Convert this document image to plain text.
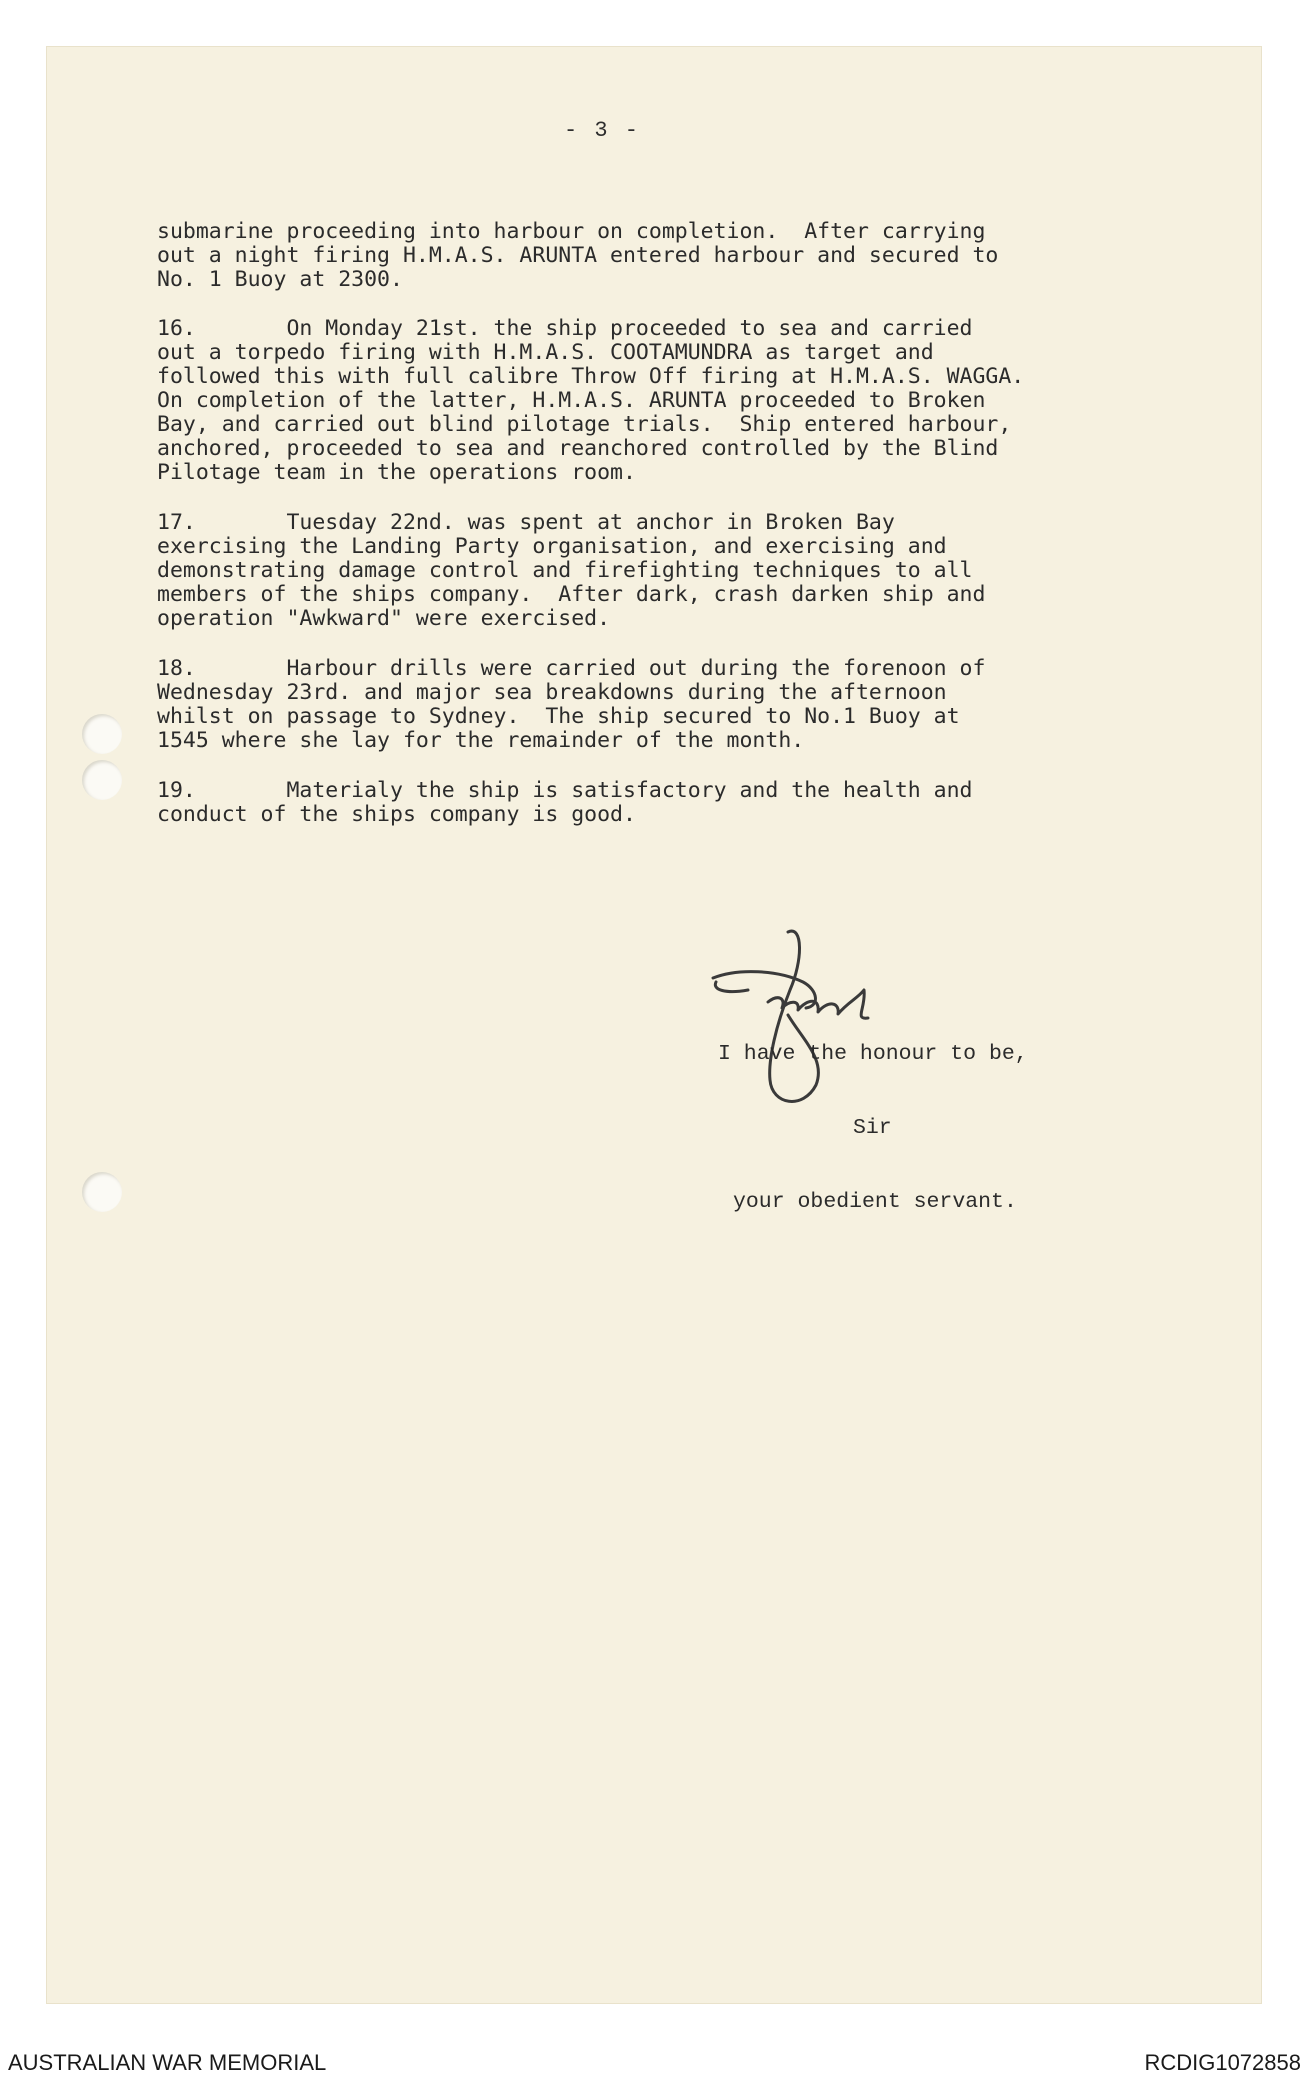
- 3 -
submarine proceeding into harbour on completion.  After carrying
out a night firing H.M.A.S. ARUNTA entered harbour and secured to
No. 1 Buoy at 2300.
16.       On Monday 21st. the ship proceeded to sea and carried
out a torpedo firing with H.M.A.S. COOTAMUNDRA as target and
followed this with full calibre Throw Off firing at H.M.A.S. WAGGA.
On completion of the latter, H.M.A.S. ARUNTA proceeded to Broken
Bay, and carried out blind pilotage trials.  Ship entered harbour,
anchored, proceeded to sea and reanchored controlled by the Blind
Pilotage team in the operations room.
17.       Tuesday 22nd. was spent at anchor in Broken Bay
exercising the Landing Party organisation, and exercising and
demonstrating damage control and firefighting techniques to all
members of the ships company.  After dark, crash darken ship and
operation "Awkward" were exercised.
18.       Harbour drills were carried out during the forenoon of
Wednesday 23rd. and major sea breakdowns during the afternoon
whilst on passage to Sydney.  The ship secured to No.1 Buoy at
1545 where she lay for the remainder of the month.
19.       Materialy the ship is satisfactory and the health and
conduct of the ships company is good.
I have the honour to be,
Sir
your obedient servant.
AUSTRALIAN WAR MEMORIAL	RCDIG1072858
